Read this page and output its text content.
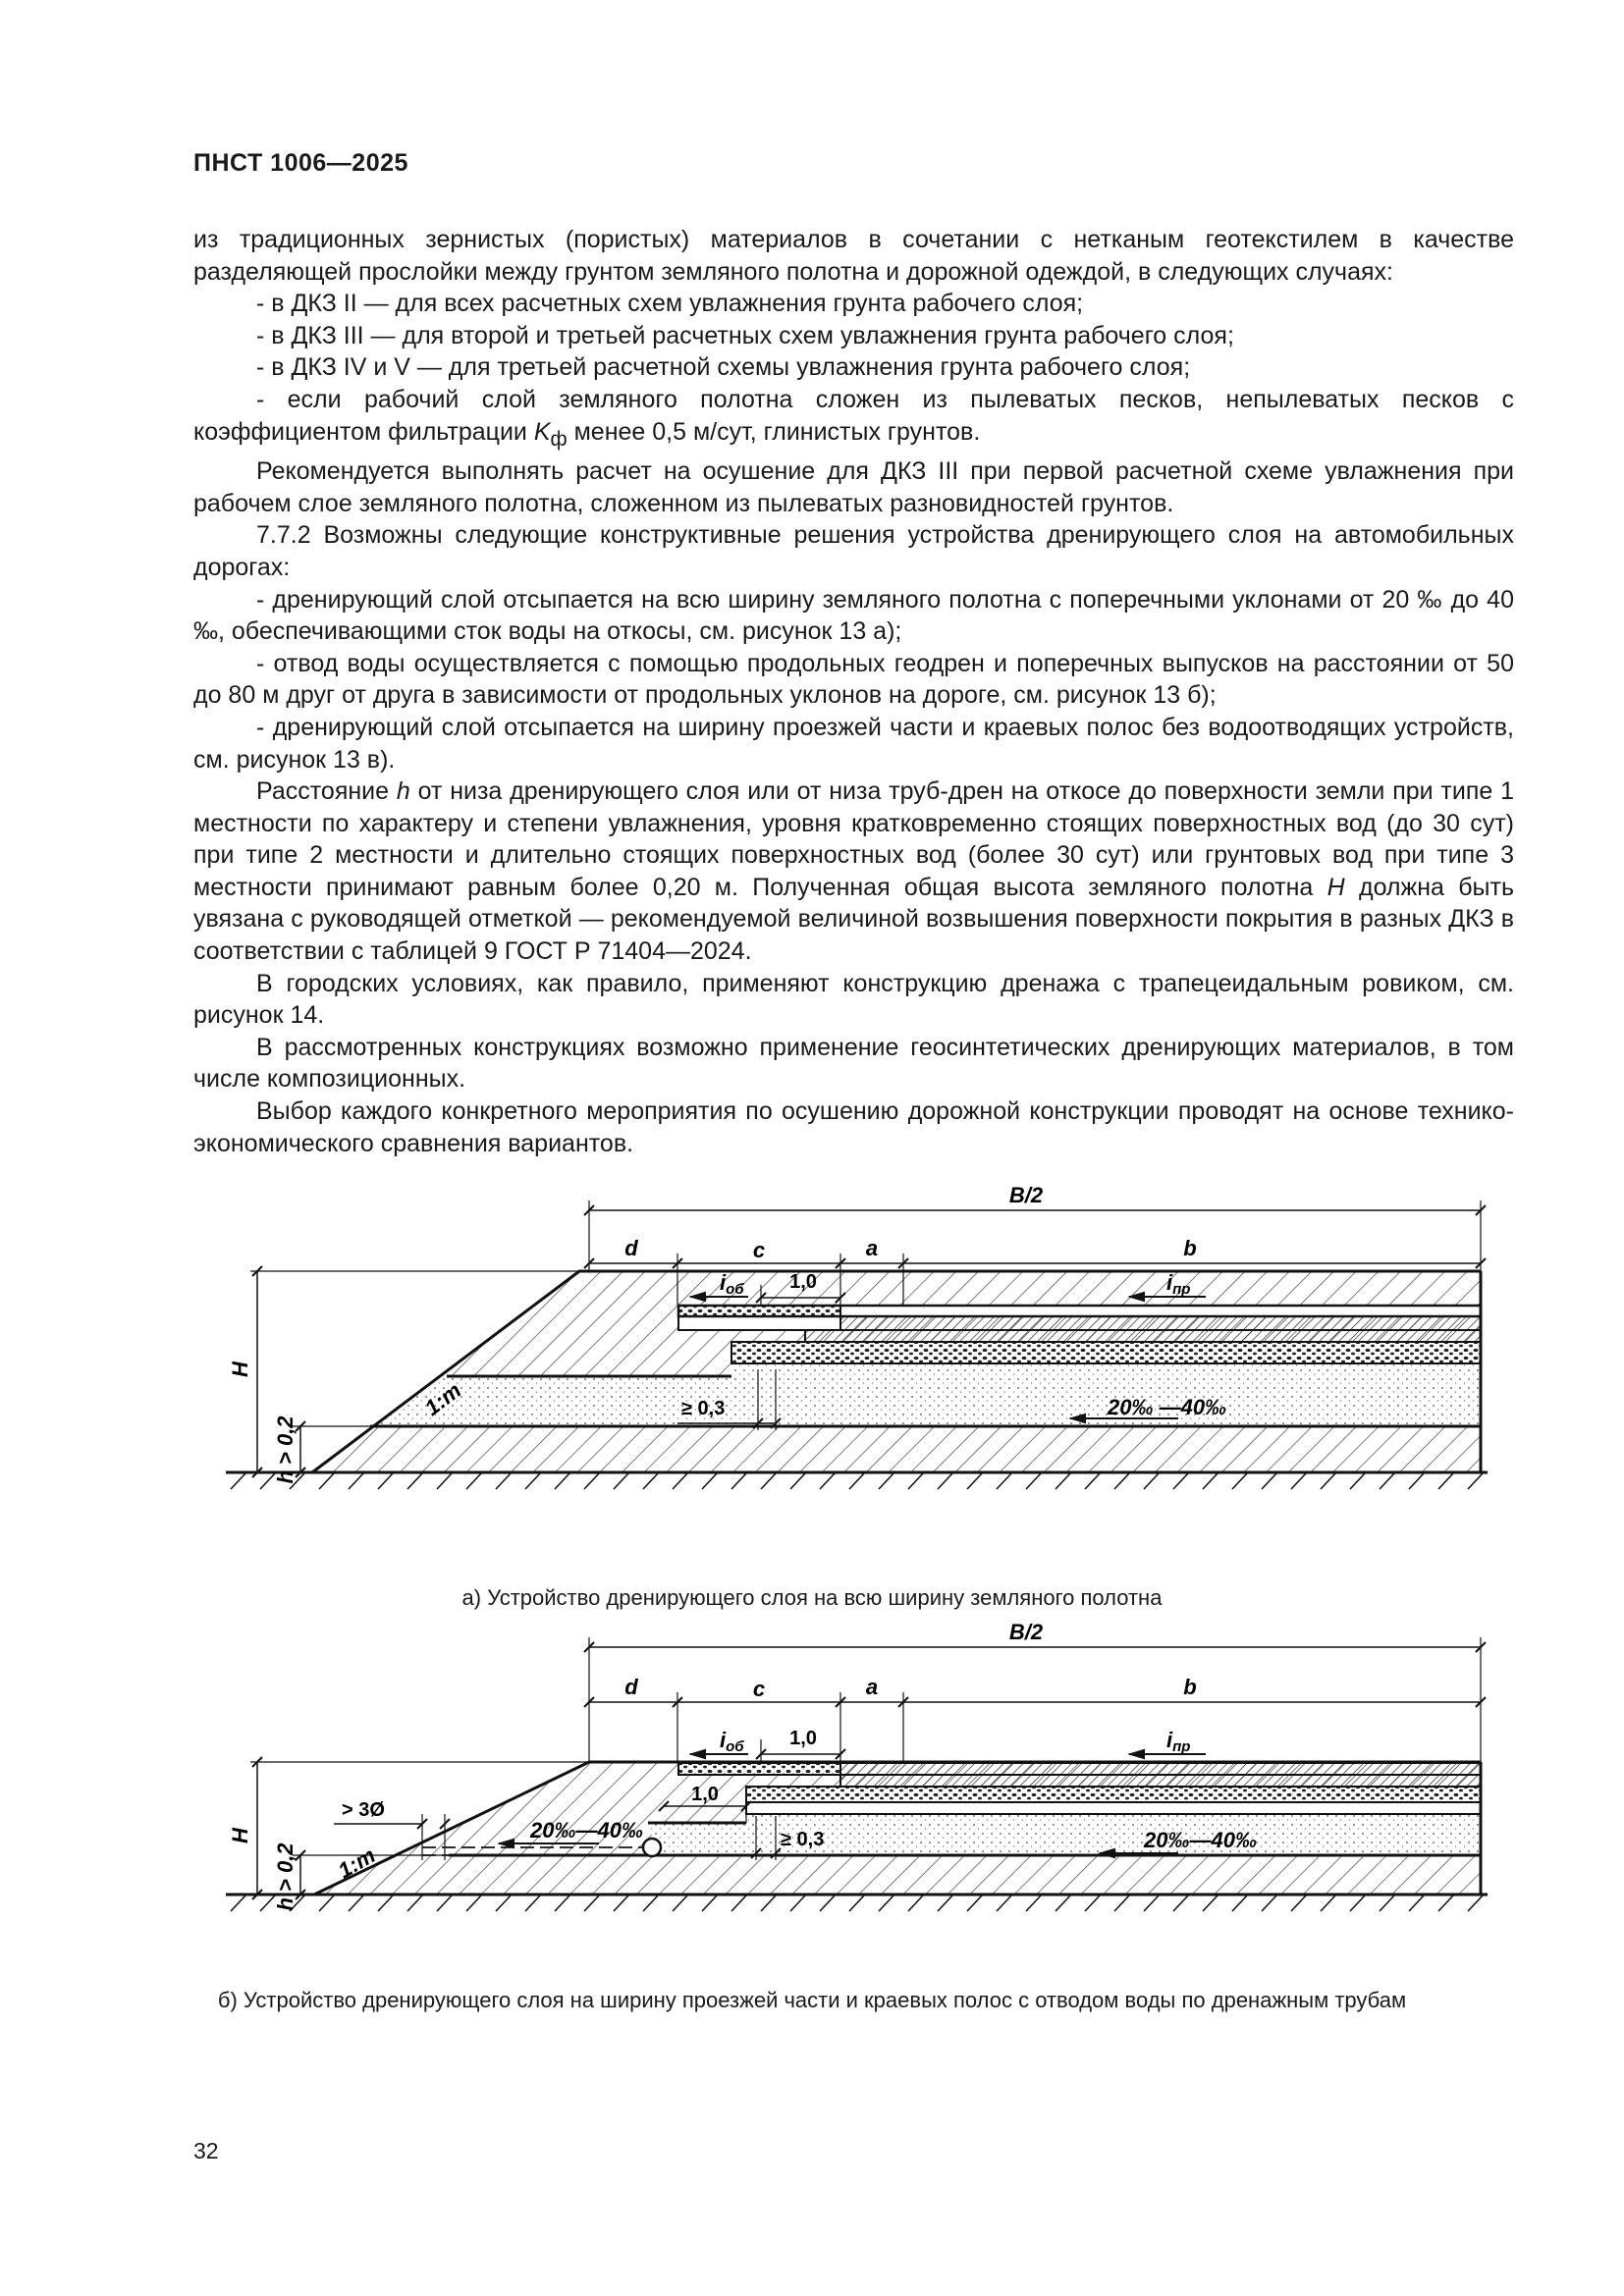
ПНСТ 1006—2025

из традиционных зернистых (пористых) материалов в сочетании с нетканым геотекстилем в качестве разделяющей прослойки между грунтом земляного полотна и дорожной одеждой, в следующих случаях:

- в ДКЗ II — для всех расчетных схем увлажнения грунта рабочего слоя;

- в ДКЗ III — для второй и третьей расчетных схем увлажнения грунта рабочего слоя;

- в ДКЗ IV и V — для третьей расчетной схемы увлажнения грунта рабочего слоя;

- если рабочий слой земляного полотна сложен из пылеватых песков, непылеватых песков с коэффициентом фильтрации $K_ф$ менее 0,5 м/сут, глинистых грунтов.

Рекомендуется выполнять расчет на осушение для ДКЗ III при первой расчетной схеме увлажнения при рабочем слое земляного полотна, сложенном из пылеватых разновидностей грунтов.

7.7.2 Возможны следующие конструктивные решения устройства дренирующего слоя на автомобильных дорогах:

- дренирующий слой отсыпается на всю ширину земляного полотна с поперечными уклонами от 20 ‰ до 40 ‰, обеспечивающими сток воды на откосы, см. рисунок 13 а);

- отвод воды осуществляется с помощью продольных геодрен и поперечных выпусков на расстоянии от 50 до 80 м друг от друга в зависимости от продольных уклонов на дороге, см. рисунок 13 б);

- дренирующий слой отсыпается на ширину проезжей части и краевых полос без водоотводящих устройств, см. рисунок 13 в).

Расстояние h от низа дренирующего слоя или от низа труб-дрен на откосе до поверхности земли при типе 1 местности по характеру и степени увлажнения, уровня кратковременно стоящих поверхностных вод (до 30 сут) при типе 2 местности и длительно стоящих поверхностных вод (более 30 сут) или грунтовых вод при типе 3 местности принимают равным более 0,20 м. Полученная общая высота земляного полотна H должна быть увязана с руководящей отметкой — рекомендуемой величиной возвышения поверхности покрытия в разных ДКЗ в соответствии с таблицей 9 ГОСТ Р 71404—2024.

В городских условиях, как правило, применяют конструкцию дренажа с трапецеидальным ровиком, см. рисунок 14.

В рассмотренных конструкциях возможно применение геосинтетических дренирующих материалов, в том числе композиционных.

Выбор каждого конкретного мероприятия по осушению дорожной конструкции проводят на основе технико-экономического сравнения вариантов.

B/2
d	c	a	b
1,0
iоб	iпр
1:m	≥ 0,3	20‰ —40‰
H
h > 0,2
а) Устройство дренирующего слоя на всю ширину земляного полотна
B/2
d	c	a	b
1,0
1,0
iоб	iпр
1:m
≥ 0,3
> 3Ø
20‰—40‰	20‰—40‰
H
h > 0,2
б) Устройство дренирующего слоя на ширину проезжей части и краевых полос с отводом воды по дренажным трубам
32
